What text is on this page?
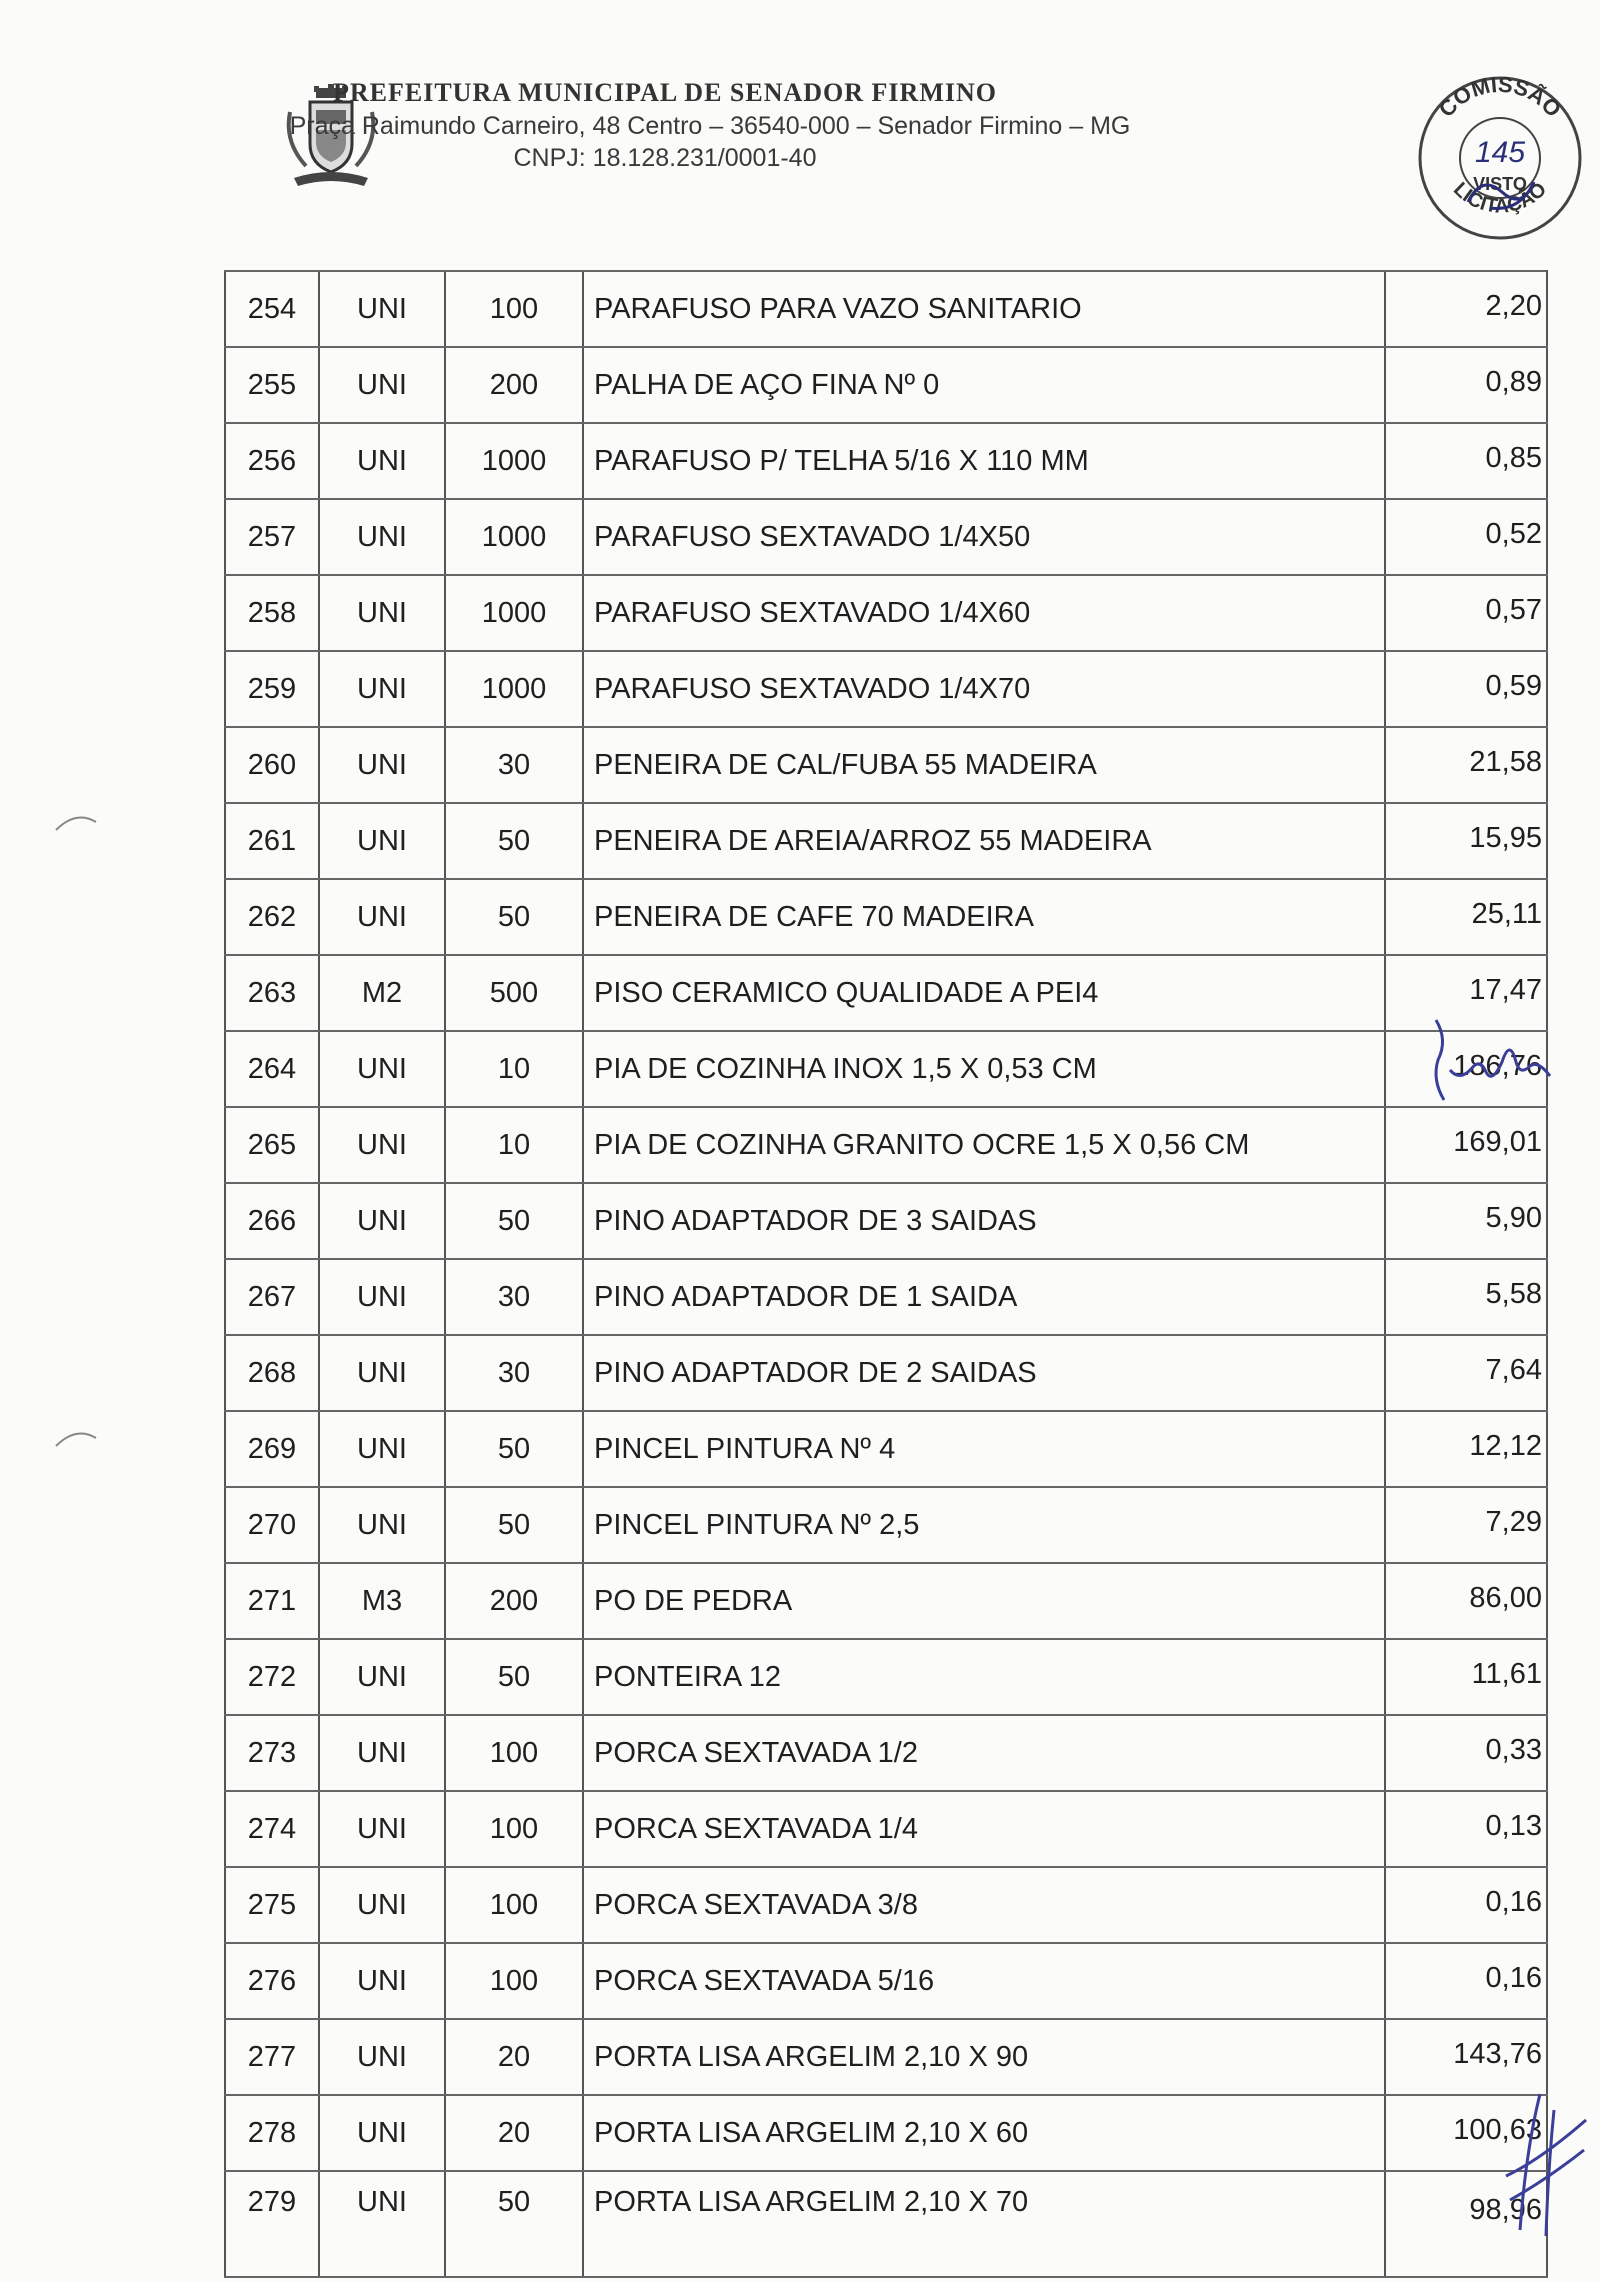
PREFEITURA MUNICIPAL DE SENADOR FIRMINO
Praça Raimundo Carneiro, 48 Centro – 36540-000 – Senador Firmino – MG
CNPJ: 18.128.231/0001-40
COMISSÃO
LICITAÇÃO
145
VISTO
254	UNI	100	PARAFUSO PARA VAZO SANITARIO	2,20
255	UNI	200	PALHA DE AÇO FINA Nº 0	0,89
256	UNI	1000	PARAFUSO P/ TELHA 5/16 X 110 MM	0,85
257	UNI	1000	PARAFUSO SEXTAVADO 1/4X50	0,52
258	UNI	1000	PARAFUSO SEXTAVADO 1/4X60	0,57
259	UNI	1000	PARAFUSO SEXTAVADO 1/4X70	0,59
260	UNI	30	PENEIRA DE CAL/FUBA 55 MADEIRA	21,58
261	UNI	50	PENEIRA DE AREIA/ARROZ 55 MADEIRA	15,95
262	UNI	50	PENEIRA DE CAFE 70 MADEIRA	25,11
263	M2	500	PISO CERAMICO QUALIDADE A PEI4	17,47
264	UNI	10	PIA DE COZINHA INOX 1,5 X 0,53 CM	186,76
265	UNI	10	PIA DE COZINHA GRANITO OCRE 1,5 X 0,56 CM	169,01
266	UNI	50	PINO ADAPTADOR DE 3 SAIDAS	5,90
267	UNI	30	PINO ADAPTADOR DE 1 SAIDA	5,58
268	UNI	30	PINO ADAPTADOR DE 2 SAIDAS	7,64
269	UNI	50	PINCEL PINTURA Nº 4	12,12
270	UNI	50	PINCEL PINTURA Nº 2,5	7,29
271	M3	200	PO DE PEDRA	86,00
272	UNI	50	PONTEIRA 12	11,61
273	UNI	100	PORCA SEXTAVADA 1/2	0,33
274	UNI	100	PORCA SEXTAVADA 1/4	0,13
275	UNI	100	PORCA SEXTAVADA 3/8	0,16
276	UNI	100	PORCA SEXTAVADA 5/16	0,16
277	UNI	20	PORTA LISA ARGELIM 2,10 X 90	143,76
278	UNI	20	PORTA LISA ARGELIM 2,10 X 60	100,63
279	UNI	50	PORTA LISA ARGELIM 2,10 X 70	98,96
